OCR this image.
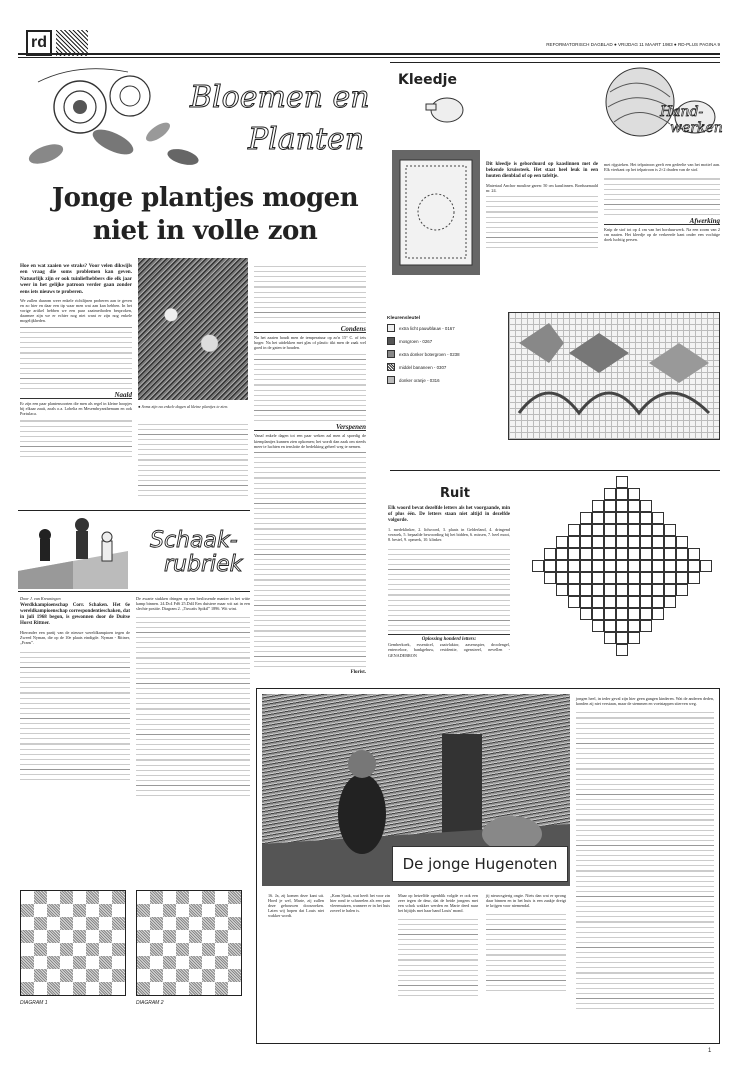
rd	REFORMATORISCH DAGBLAD ● VRIJDAG 11 MAART 1983 ● RD-PLUS PAGINA 9
Bloemen en
Planten
Jonge plantjes mogen
niet in volle zon

Hoe en wat zaaien we straks? Voor velen dikwijls een vraag die soms problemen kan geven. Natuurlijk zijn er ook tuinliefhebbers die elk jaar weer in het gelijke patroon verder gaan zonder eens iets nieuws te proberen.

We zullen daarom weer enkele richtlijnen proberen aan te geven en zo hier en daar een tip waar men wat aan kan hebben. In het vorige artikel hebben we een paar zaaimethoden besproken, daarmee zijn we er echter nog niet want er zijn nog enkele mogelijkheden.

Naald

Er zijn een paar plantensoorten die men als regel in kleine hoopjes bij elkaar zaait, zoals o.a. Lobelia en Mesembryanthemum en ook Portulaca.

● Soms zijn na enkele dagen al kleine plantjes te zien.

Condens

Na het zaaien houdt men de temperatuur op zo'n 15° C. of iets hoger. Na het uitdekken met glas of plastic tikt men de zaak wel goed in de gaten te houden.

Verspenen

Vanaf enkele dagen tot een paar weken zal men al spoedig de kiemplantjes kunnen zien opkomen; het wordt dan zaak om steeds meer te luchten en tenslotte de bedekking geheel weg te nemen.

Florist.
Schaak-
rubriek
Door J. van Kreuningen

Werdkkampioenschap Corr. Schaken. Het 6e wereldkampioenschap correspondentieschaken, dat in juli 1968 begon, is gewonnen door de Duitse Horst Rittner.

Hieronder een partij van de nieuwe wereldkampioen tegen de Zweed Nyman, die op de 10e plaats eindigde. Nyman - Rittner, „Frans”.

De zwarte stukken dringen op een beslissende manier in het witte kamp binnen. 24.Dc4 Fd6 25.Dd4 Een duistere maar wit zat in een slechte positie. Diagram 2. „Tuwatis Spiktl” 1896. Wit wint.

DIAGRAM 1	DIAGRAM 2
Kleedje
Hand-
werken

Dit kleedje is geborduurd op kaaslinnen met de bekende kruissteek. Het staat heel leuk in een houten dienblad of op een tafeltje.

Materiaal Anchor mouline garen: 50 cm kaaslinnen. Borduurnaald nr. 24.

met rijgsteken. Het telpatroon geeft een gedeelte van het motief aan. Elk vierkant op het telpatroon is 2×2 draden van de stof.

Afwerking

Knip de stof tot op 4 cm van het borduurwerk. Na een zoom van 2 cm naaien. Het kleedje op de verkeerde kant onder een vochtige doek luchtig persen.

Kleurensleutel
extra licht pauwblauw - 0167
mosgroen - 0267
extra donker botergroen - 0238
middel bananeen - 0307
donker oranje - 0316
Ruit

Elk woord bevat dezelfde letters als het voorgaande, min of plus één. De letters staan niet altijd in dezelfde volgorde.

1. medeklinker, 2. lidwoord, 3. plaats in Gelderland, 4. dringend verzoek, 5. bepaalde bewoording bij het bidden, 6. missen, 7. heel mooi, 8. bestel, 9. opmerk, 10. klinker.

Oplossing honderd letters:

Gemberkoek, essenticel, zaaivlaktor, aaseruspier, droolengel, enterceloor, bankgebuw, residentie, ogenstreel, nevellen - GENADEBRON

De jonge Hugenoten

16. Ja, zij komen deze kant uit. Hoed je wel, Marie, zij zullen deze gebouwen doorzoeken. Laten wij hopen dat Louis niet wakker wordt.

„Kom Sjaak, wat heeft het voor zin hier rond te scharrelen als een paar vleermuizen, wanneer er in het huis zoveel te halen is.

Maar op hetzelfde ogenblik volgde er ook een zeer tegen de deur, dat de beide jongens met een schok wakker werden en Marie deed naar het bijtijds met haar hand Louis' mond.

jij nieuwsgierig ongie. Niets dan wat er sprong daar binnen en in het huis is een zaakje dreigt te krijgen voor niemendal.

jongen heel, in ieder geval zijn hier geen gangen kinderen. Wat de anderen deden, konden zij niet verstaan, maar de stemmen en voetstappen stierven weg.

1
